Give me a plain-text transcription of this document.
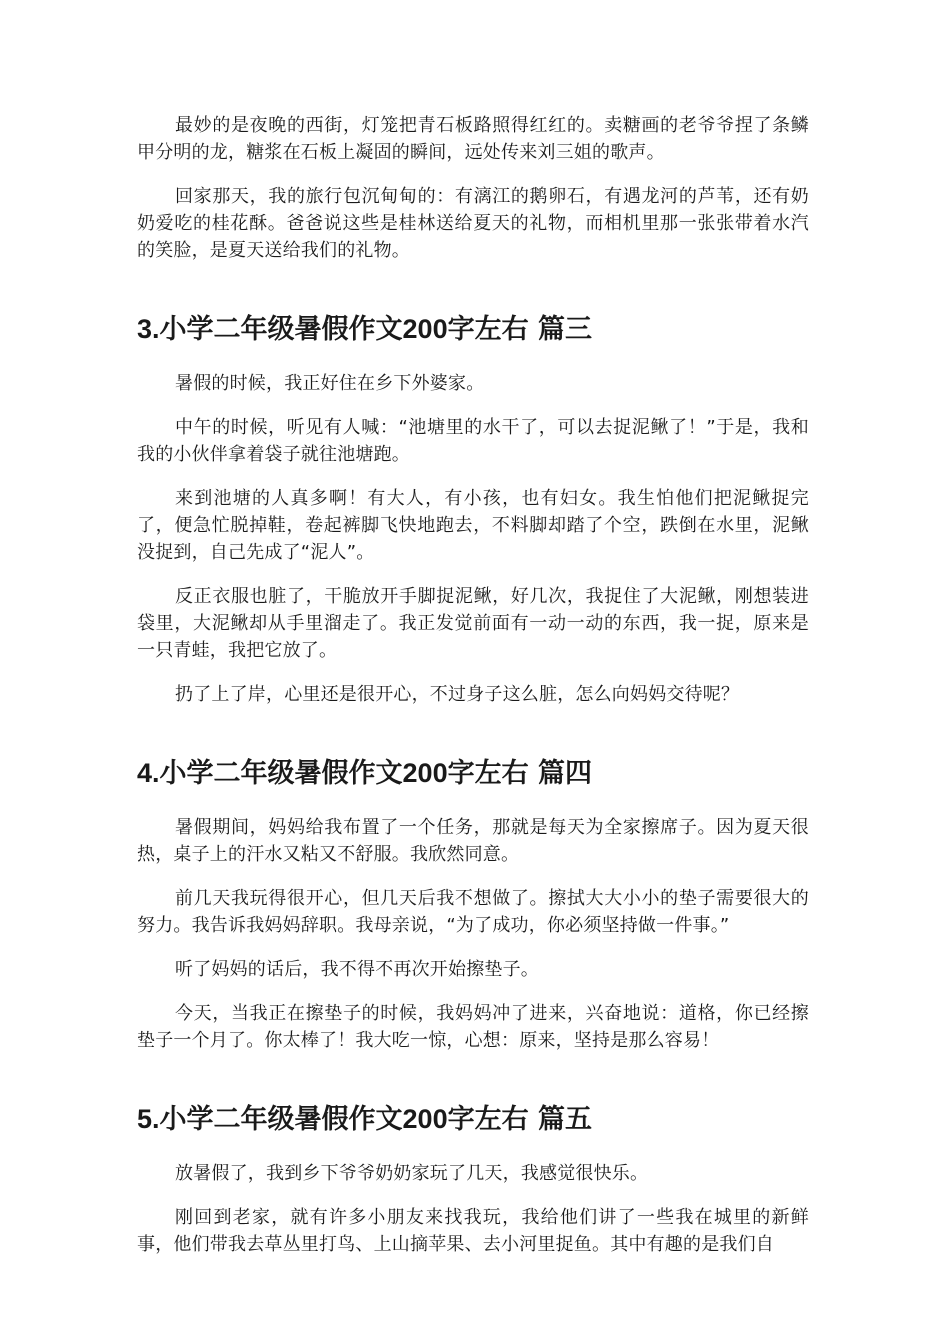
最妙的是夜晚的西街，灯笼把青石板路照得红红的。卖糖画的老爷爷捏了条鳞甲分明的龙，糖浆在石板上凝固的瞬间，远处传来刘三姐的歌声。

回家那天，我的旅行包沉甸甸的：有漓江的鹅卵石，有遇龙河的芦苇，还有奶奶爱吃的桂花酥。爸爸说这些是桂林送给夏天的礼物，而相机里那一张张带着水汽的笑脸，是夏天送给我们的礼物。

3.小学二年级暑假作文200字左右 篇三

暑假的时候，我正好住在乡下外婆家。

中午的时候，听见有人喊：“池塘里的水干了，可以去捉泥鳅了！”于是，我和我的小伙伴拿着袋子就往池塘跑。

来到池塘的人真多啊！有大人，有小孩，也有妇女。我生怕他们把泥鳅捉完了，便急忙脱掉鞋，卷起裤脚飞快地跑去，不料脚却踏了个空，跌倒在水里，泥鳅没捉到，自己先成了“泥人”。

反正衣服也脏了，干脆放开手脚捉泥鳅，好几次，我捉住了大泥鳅，刚想装进袋里，大泥鳅却从手里溜走了。我正发觉前面有一动一动的东西，我一捉，原来是一只青蛙，我把它放了。

扔了上了岸，心里还是很开心，不过身子这么脏，怎么向妈妈交待呢？

4.小学二年级暑假作文200字左右 篇四

暑假期间，妈妈给我布置了一个任务，那就是每天为全家擦席子。因为夏天很热，桌子上的汗水又粘又不舒服。我欣然同意。

前几天我玩得很开心，但几天后我不想做了。擦拭大大小小的垫子需要很大的努力。我告诉我妈妈辞职。我母亲说，“为了成功，你必须坚持做一件事。”

听了妈妈的话后，我不得不再次开始擦垫子。

今天，当我正在擦垫子的时候，我妈妈冲了进来，兴奋地说：道格，你已经擦垫子一个月了。你太棒了！我大吃一惊，心想：原来，坚持是那么容易！

5.小学二年级暑假作文200字左右 篇五

放暑假了，我到乡下爷爷奶奶家玩了几天，我感觉很快乐。

刚回到老家，就有许多小朋友来找我玩，我给他们讲了一些我在城里的新鲜事，他们带我去草丛里打鸟、上山摘苹果、去小河里捉鱼。其中有趣的是我们自
